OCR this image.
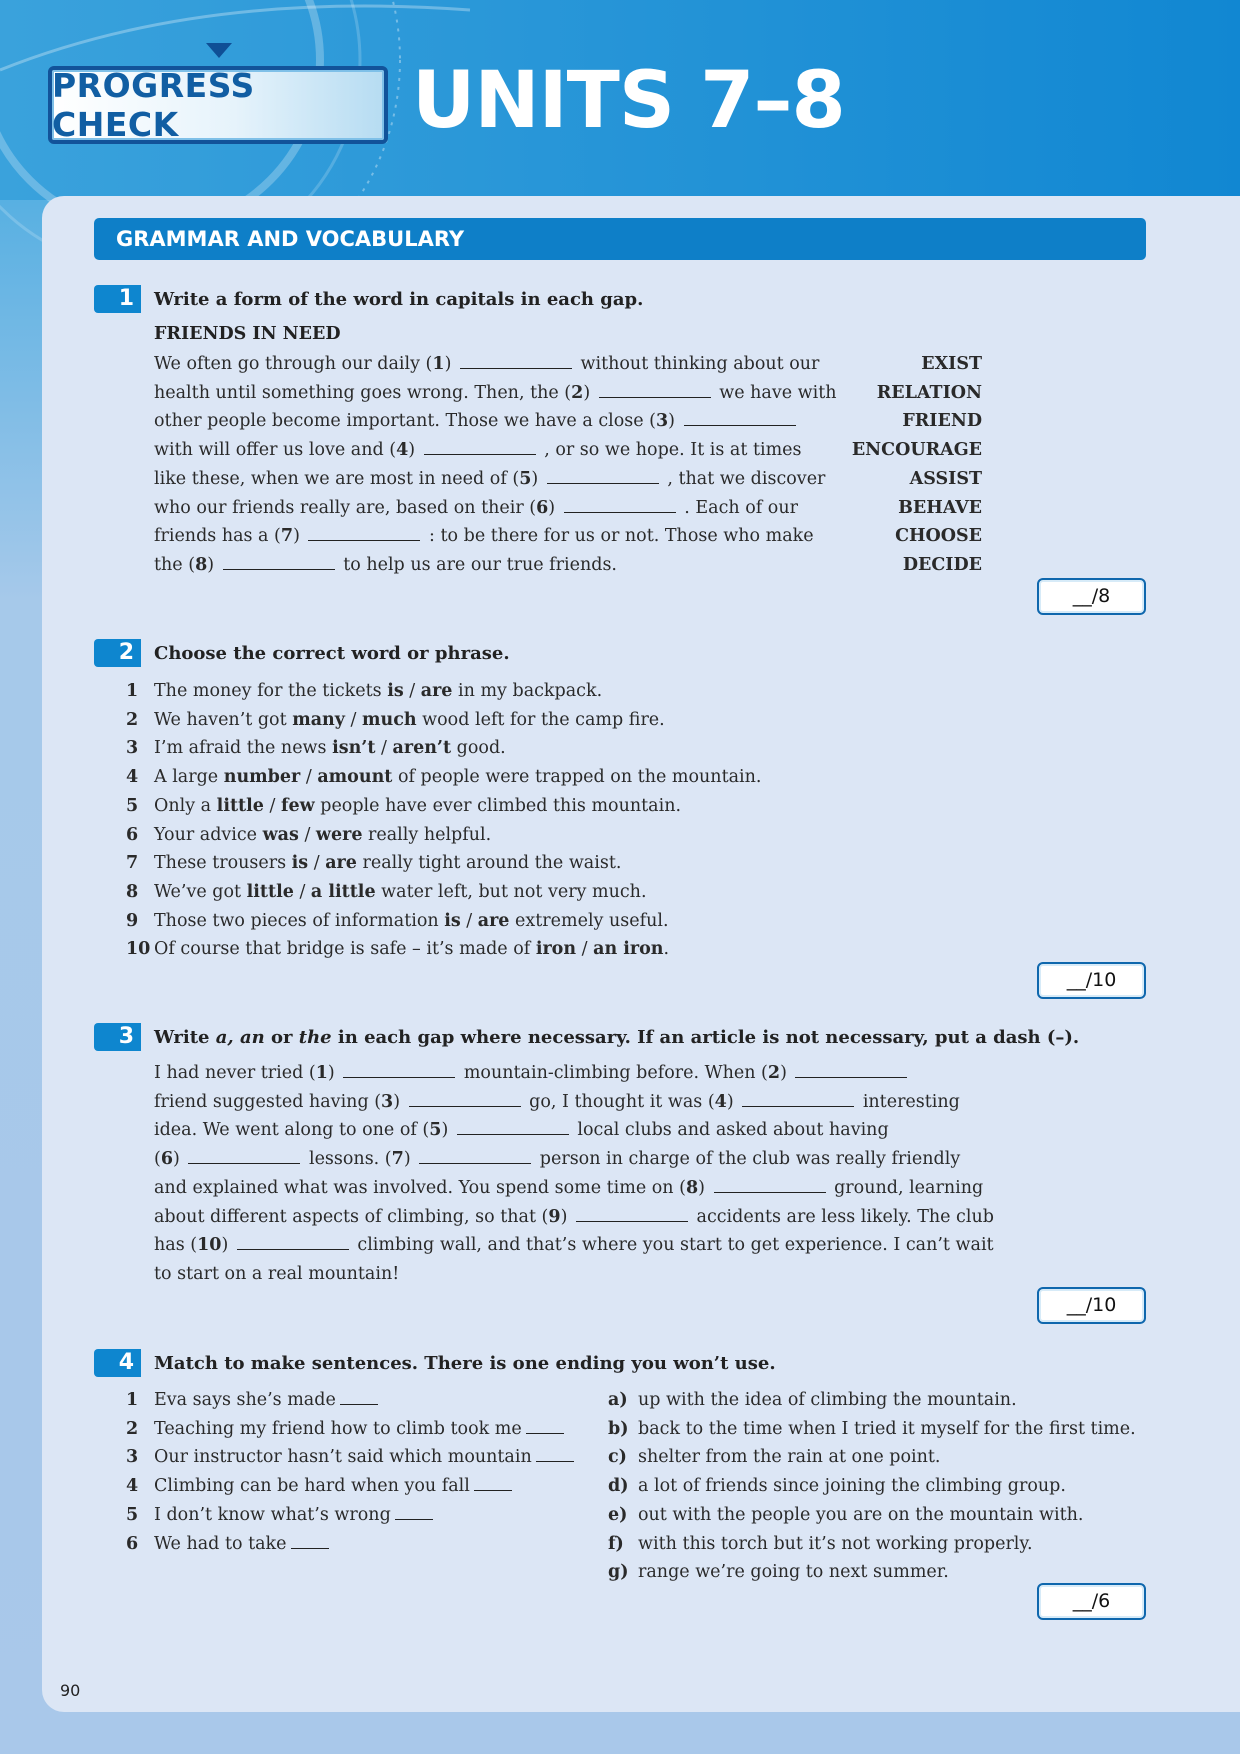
PROGRESS CHECK	UNITS 7–8
GRAMMAR AND VOCABULARY
1	Write a form of the word in capitals in each gap.
FRIENDS IN NEED
We often go through our daily (1)	without thinking about our
health until something goes wrong. Then, the (2)	we have with
other people become important. Those we have a close (3)
with will offer us love and (4)	, or so we hope. It is at times
like these, when we are most in need of (5)	, that we discover
who our friends really are, based on their (6)	. Each of our
friends has a (7)	: to be there for us or not. Those who make
the (8)	to help us are our true friends.
EXIST
RELATION
FRIEND
ENCOURAGE
ASSIST
BEHAVE
CHOOSE
DECIDE
__/8
2	Choose the correct word or phrase.
1 The money for the tickets is / are in my backpack.
2 We haven’t got many / much wood left for the camp fire.
3 I’m afraid the news isn’t / aren’t good.
4 A large number / amount of people were trapped on the mountain.
5 Only a little / few people have ever climbed this mountain.
6 Your advice was / were really helpful.
7 These trousers is / are really tight around the waist.
8 We’ve got little / a little water left, but not very much.
9 Those two pieces of information is / are extremely useful.
10 Of course that bridge is safe – it’s made of iron / an iron.
__/10
3	Write a, an or the in each gap where necessary. If an article is not necessary, put a dash (–).
I had never tried (1)	mountain-climbing before. When (2)
friend suggested having (3)	go, I thought it was (4)	interesting
idea. We went along to one of (5)	local clubs and asked about having
(6)	lessons. (7)	person in charge of the club was really friendly
and explained what was involved. You spend some time on (8)	ground, learning
about different aspects of climbing, so that (9)	accidents are less likely. The club
has (10)	climbing wall, and that’s where you start to get experience. I can’t wait
to start on a real mountain!
__/10
4	Match to make sentences. There is one ending you won’t use.
1 Eva says she’s made
2 Teaching my friend how to climb took me
3 Our instructor hasn’t said which mountain
4 Climbing can be hard when you fall
5 I don’t know what’s wrong
6 We had to take
a) up with the idea of climbing the mountain.
b) back to the time when I tried it myself for the first time.
c) shelter from the rain at one point.
d) a lot of friends since joining the climbing group.
e) out with the people you are on the mountain with.
f) with this torch but it’s not working properly.
g) range we’re going to next summer.
__/6
90
